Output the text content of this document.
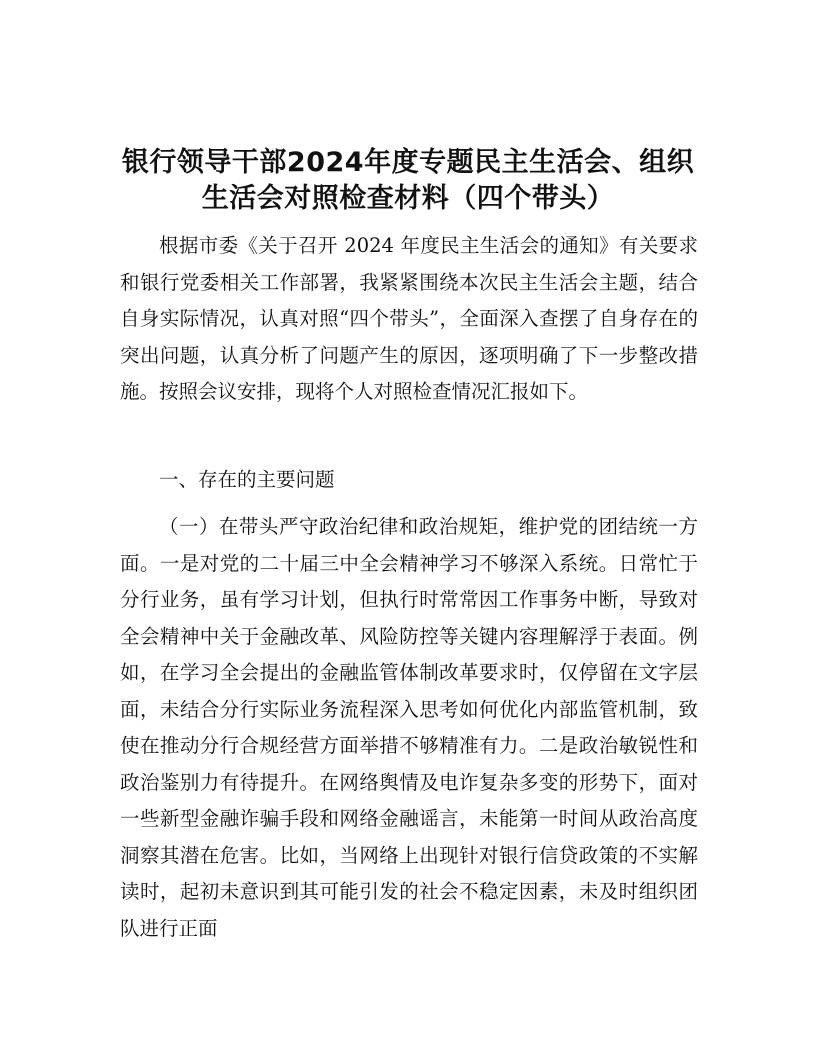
银行领导干部2024年度专题民主生活会、组织
生活会对照检查材料（四个带头）

根据市委《关于召开 2024 年度民主生活会的通知》有关要求和银行党委相关工作部署，我紧紧围绕本次民主生活会主题，结合自身实际情况，认真对照“四个带头”，全面深入查摆了自身存在的突出问题，认真分析了问题产生的原因，逐项明确了下一步整改措施。按照会议安排，现将个人对照检查情况汇报如下。

一、存在的主要问题

（一）在带头严守政治纪律和政治规矩，维护党的团结统一方面。一是对党的二十届三中全会精神学习不够深入系统。日常忙于分行业务，虽有学习计划，但执行时常常因工作事务中断，导致对全会精神中关于金融改革、风险防控等关键内容理解浮于表面。例如，在学习全会提出的金融监管体制改革要求时，仅停留在文字层面，未结合分行实际业务流程深入思考如何优化内部监管机制，致使在推动分行合规经营方面举措不够精准有力。二是政治敏锐性和政治鉴别力有待提升。在网络舆情及电诈复杂多变的形势下，面对一些新型金融诈骗手段和网络金融谣言，未能第一时间从政治高度洞察其潜在危害。比如，当网络上出现针对银行信贷政策的不实解读时，起初未意识到其可能引发的社会不稳定因素，未及时组织团队进行正面
